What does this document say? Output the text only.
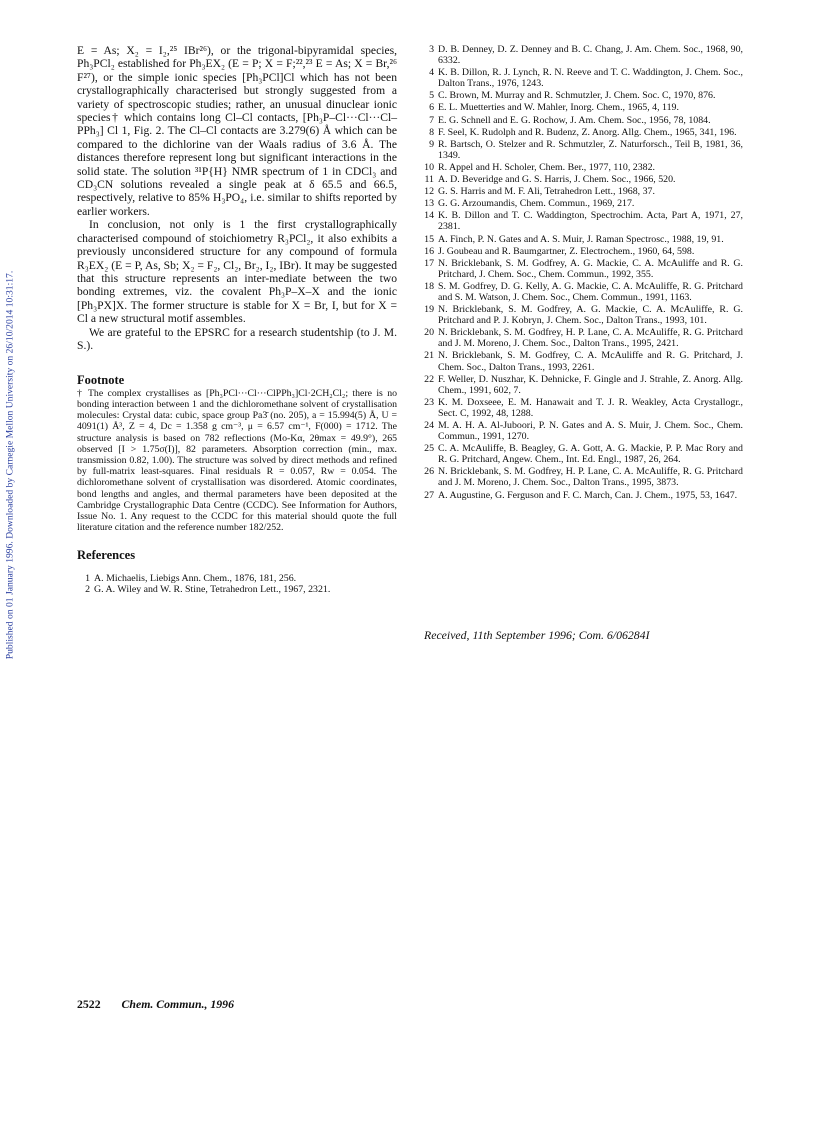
Published on 01 January 1996. Downloaded by Carnegie Mellon University on 26/10/2014 10:31:17.

E = As; X₂ = I₂,²⁵ IBr²⁶), or the trigonal-bipyramidal species, Ph₃PCl₂ established for Ph₃EX₂ (E = P; X = F;²²,²³ E = As; X = Br,²⁶ F²⁷), or the simple ionic species [Ph₃PCl]Cl which has not been crystallographically characterised but strongly suggested from a variety of spectroscopic studies; rather, an unusual dinuclear ionic species† which contains long Cl–Cl contacts, [Ph₃P–Cl···Cl···Cl–PPh₃] Cl 1, Fig. 2. The Cl–Cl contacts are 3.279(6) Å which can be compared to the dichlorine van der Waals radius of 3.6 Å. The distances therefore represent long but significant interactions in the solid state. The solution ³¹P{H} NMR spectrum of 1 in CDCl₃ and CD₃CN solutions revealed a single peak at δ 65.5 and 66.5, respectively, relative to 85% H₃PO₄, i.e. similar to shifts reported by earlier workers.

In conclusion, not only is 1 the first crystallographically characterised compound of stoichiometry R₃PCl₂, it also exhibits a previously unconsidered structure for any compound of formula R₃EX₂ (E = P, As, Sb; X₂ = F₂, Cl₂, Br₂, I₂, IBr). It may be suggested that this structure represents an inter-mediate between the two bonding extremes, viz. the covalent Ph₃P–X–X and the ionic [Ph₃PX]X. The former structure is stable for X = Br, I, but for X = Cl a new structural motif assembles.

We are grateful to the EPSRC for a research studentship (to J. M. S.).

Footnote

† The complex crystallises as [Ph₃PCl···Cl···ClPPh₃]Cl·2CH₂Cl₂; there is no bonding interaction between 1 and the dichloromethane solvent of crystallisation molecules: Crystal data: cubic, space group Pa3̄ (no. 205), a = 15.994(5) Å, U = 4091(1) Å³, Z = 4, Dc = 1.358 g cm⁻³, μ = 6.57 cm⁻¹, F(000) = 1712. The structure analysis is based on 782 reflections (Mo-Kα, 2θmax = 49.9°), 265 observed [I > 1.75σ(I)], 82 parameters. Absorption correction (min., max. transmission 0.82, 1.00). The structure was solved by direct methods and refined by full-matrix least-squares. Final residuals R = 0.057, Rw = 0.054. The dichloromethane solvent of crystallisation was disordered. Atomic coordinates, bond lengths and angles, and thermal parameters have been deposited at the Cambridge Crystallographic Data Centre (CCDC). See Information for Authors, Issue No. 1. Any request to the CCDC for this material should quote the full literature citation and the reference number 182/252.

References
1 A. Michaelis, Liebigs Ann. Chem., 1876, 181, 256.
2 G. A. Wiley and W. R. Stine, Tetrahedron Lett., 1967, 2321.
3 D. B. Denney, D. Z. Denney and B. C. Chang, J. Am. Chem. Soc., 1968, 90, 6332.
4 K. B. Dillon, R. J. Lynch, R. N. Reeve and T. C. Waddington, J. Chem. Soc., Dalton Trans., 1976, 1243.
5 C. Brown, M. Murray and R. Schmutzler, J. Chem. Soc. C, 1970, 876.
6 E. L. Muetterties and W. Mahler, Inorg. Chem., 1965, 4, 119.
7 E. G. Schnell and E. G. Rochow, J. Am. Chem. Soc., 1956, 78, 1084.
8 F. Seel, K. Rudolph and R. Budenz, Z. Anorg. Allg. Chem., 1965, 341, 196.
9 R. Bartsch, O. Stelzer and R. Schmutzler, Z. Naturforsch., Teil B, 1981, 36, 1349.
10 R. Appel and H. Scholer, Chem. Ber., 1977, 110, 2382.
11 A. D. Beveridge and G. S. Harris, J. Chem. Soc., 1966, 520.
12 G. S. Harris and M. F. Ali, Tetrahedron Lett., 1968, 37.
13 G. G. Arzoumandis, Chem. Commun., 1969, 217.
14 K. B. Dillon and T. C. Waddington, Spectrochim. Acta, Part A, 1971, 27, 2381.
15 A. Finch, P. N. Gates and A. S. Muir, J. Raman Spectrosc., 1988, 19, 91.
16 J. Goubeau and R. Baumgartner, Z. Electrochem., 1960, 64, 598.
17 N. Bricklebank, S. M. Godfrey, A. G. Mackie, C. A. McAuliffe and R. G. Pritchard, J. Chem. Soc., Chem. Commun., 1992, 355.
18 S. M. Godfrey, D. G. Kelly, A. G. Mackie, C. A. McAuliffe, R. G. Pritchard and S. M. Watson, J. Chem. Soc., Chem. Commun., 1991, 1163.
19 N. Bricklebank, S. M. Godfrey, A. G. Mackie, C. A. McAuliffe, R. G. Pritchard and P. J. Kobryn, J. Chem. Soc., Dalton Trans., 1993, 101.
20 N. Bricklebank, S. M. Godfrey, H. P. Lane, C. A. McAuliffe, R. G. Pritchard and J. M. Moreno, J. Chem. Soc., Dalton Trans., 1995, 2421.
21 N. Bricklebank, S. M. Godfrey, C. A. McAuliffe and R. G. Pritchard, J. Chem. Soc., Dalton Trans., 1993, 2261.
22 F. Weller, D. Nuszhar, K. Dehnicke, F. Gingle and J. Strahle, Z. Anorg. Allg. Chem., 1991, 602, 7.
23 K. M. Doxseee, E. M. Hanawait and T. J. R. Weakley, Acta Crystallogr., Sect. C, 1992, 48, 1288.
24 M. A. H. A. Al-Juboori, P. N. Gates and A. S. Muir, J. Chem. Soc., Chem. Commun., 1991, 1270.
25 C. A. McAuliffe, B. Beagley, G. A. Gott, A. G. Mackie, P. P. Mac Rory and R. G. Pritchard, Angew. Chem., Int. Ed. Engl., 1987, 26, 264.
26 N. Bricklebank, S. M. Godfrey, H. P. Lane, C. A. McAuliffe, R. G. Pritchard and J. M. Moreno, J. Chem. Soc., Dalton Trans., 1995, 3873.
27 A. Augustine, G. Ferguson and F. C. March, Can. J. Chem., 1975, 53, 1647.
Received, 11th September 1996; Com. 6/06284I
2522 Chem. Commun., 1996
